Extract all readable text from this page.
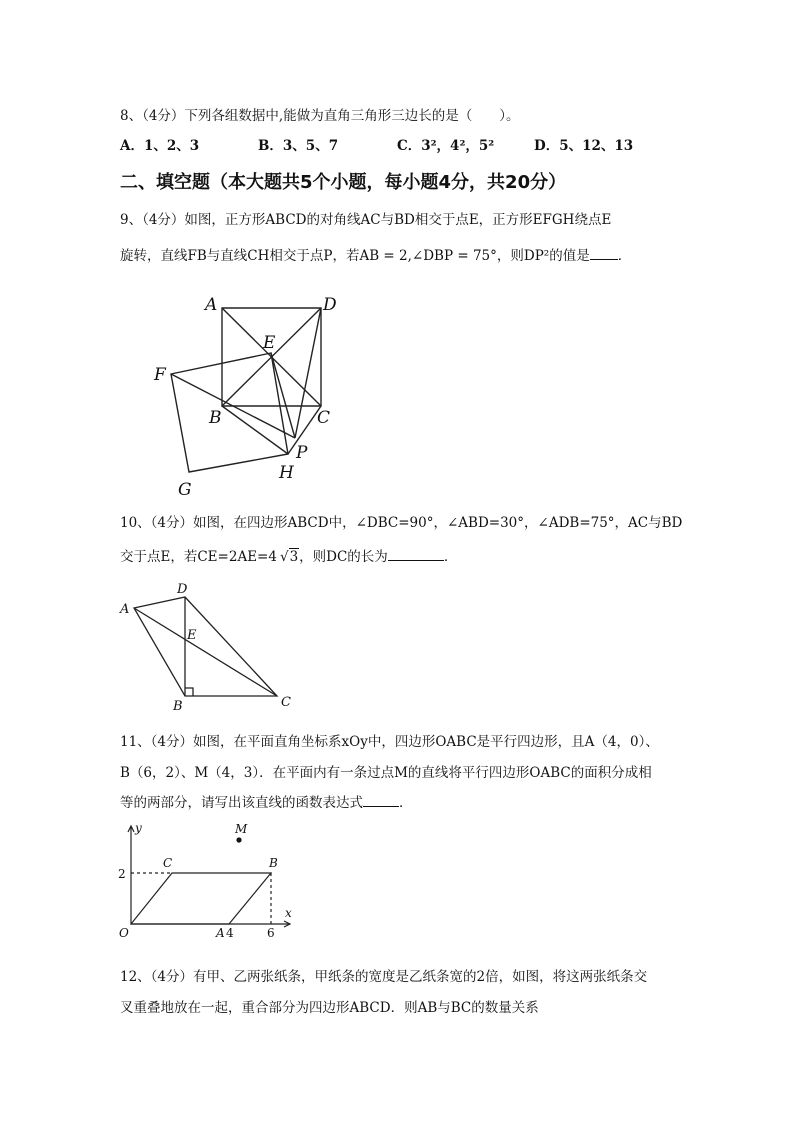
8、（4分）下列各组数据中,能做为直角三角形三边长的是（　　）。
A．1、2、3	B．3、5、7	C．3²，4²，5²	D．5、12、13
二、填空题（本大题共5个小题，每小题4分，共20分）
9、（4分）如图，正方形ABCD的对角线AC与BD相交于点E，正方形EFGH绕点E
旋转，直线FB与直线CH相交于点P，若AB = 2,∠DBP = 75°，则DP²的值是 ．
A	D
E
F
B	C
P
H
G
10、（4分）如图，在四边形ABCD中，∠DBC=90°，∠ABD=30°，∠ADB=75°，AC与BD
交于点E，若CE=2AE=4 √3，则DC的长为	．
D
A
E
B	C
11、（4分）如图，在平面直角坐标系xOy中，四边形OABC是平行四边形，且A（4，0）、
B（6，2）、M（4，3）．在平面内有一条过点M的直线将平行四边形OABC的面积分成相
等的两部分，请写出该直线的函数表达式	．
y	M
C	B
2
x
O	A 4	6
12、（4分）有甲、乙两张纸条，甲纸条的宽度是乙纸条宽的2倍，如图，将这两张纸条交
叉重叠地放在一起，重合部分为四边形ABCD．则AB与BC的数量关系
